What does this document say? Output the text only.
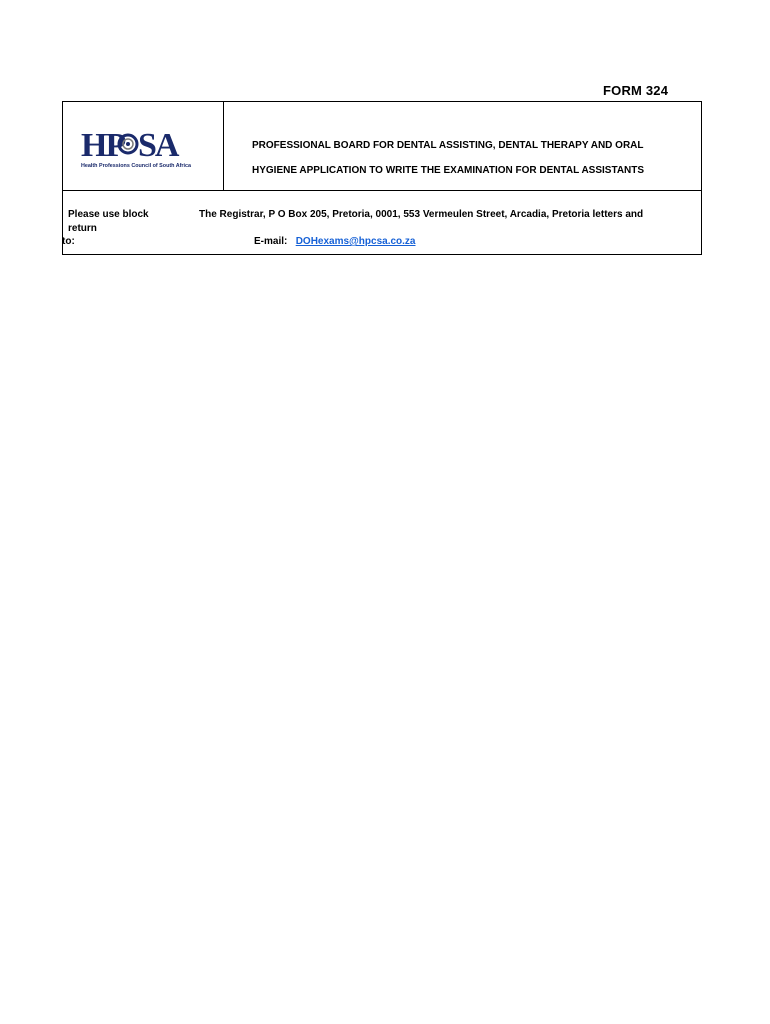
FORM 324
HP SA
Health Professions Council of South Africa
PROFESSIONAL BOARD FOR DENTAL ASSISTING, DENTAL THERAPY AND ORAL
HYGIENE APPLICATION TO WRITE THE EXAMINATION FOR DENTAL ASSISTANTS
Please use block
return
to:
The Registrar, P O Box 205, Pretoria, 0001, 553 Vermeulen Street, Arcadia, Pretoria letters and
E-mail: DOHexams@hpcsa.co.za
